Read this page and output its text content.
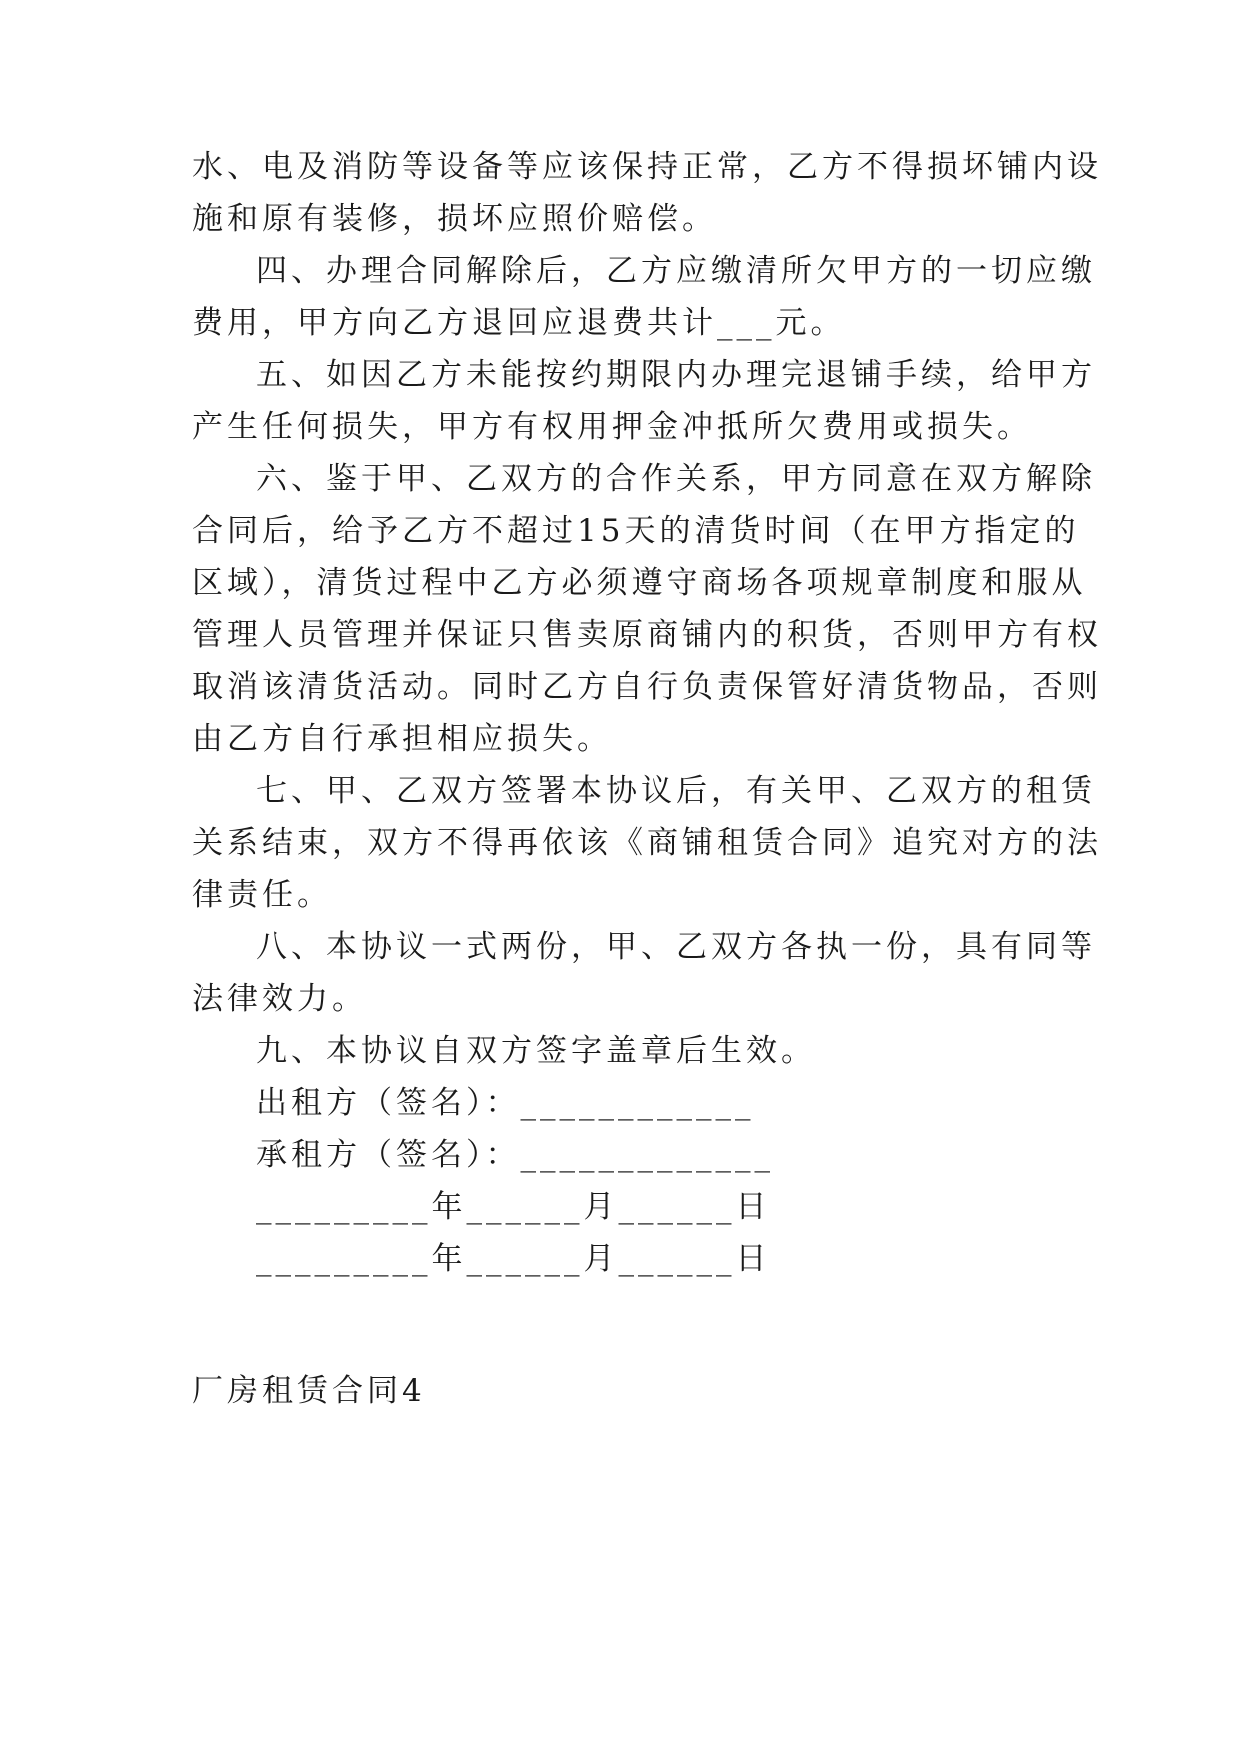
水、电及消防等设备等应该保持正常，乙方不得损坏铺内设

施和原有装修，损坏应照价赔偿。

四、办理合同解除后，乙方应缴清所欠甲方的一切应缴

费用，甲方向乙方退回应退费共计___元。

五、如因乙方未能按约期限内办理完退铺手续，给甲方

产生任何损失，甲方有权用押金冲抵所欠费用或损失。

六、鉴于甲、乙双方的合作关系，甲方同意在双方解除

合同后，给予乙方不超过15天的清货时间（在甲方指定的

区域），清货过程中乙方必须遵守商场各项规章制度和服从

管理人员管理并保证只售卖原商铺内的积货，否则甲方有权

取消该清货活动。同时乙方自行负责保管好清货物品，否则

由乙方自行承担相应损失。

七、甲、乙双方签署本协议后，有关甲、乙双方的租赁

关系结束，双方不得再依该《商铺租赁合同》追究对方的法

律责任。

八、本协议一式两份，甲、乙双方各执一份，具有同等

法律效力。

九、本协议自双方签字盖章后生效。

出租方（签名）：____________

承租方（签名）：_____________

_________年______月______日

_________年______月______日

厂房租赁合同4
